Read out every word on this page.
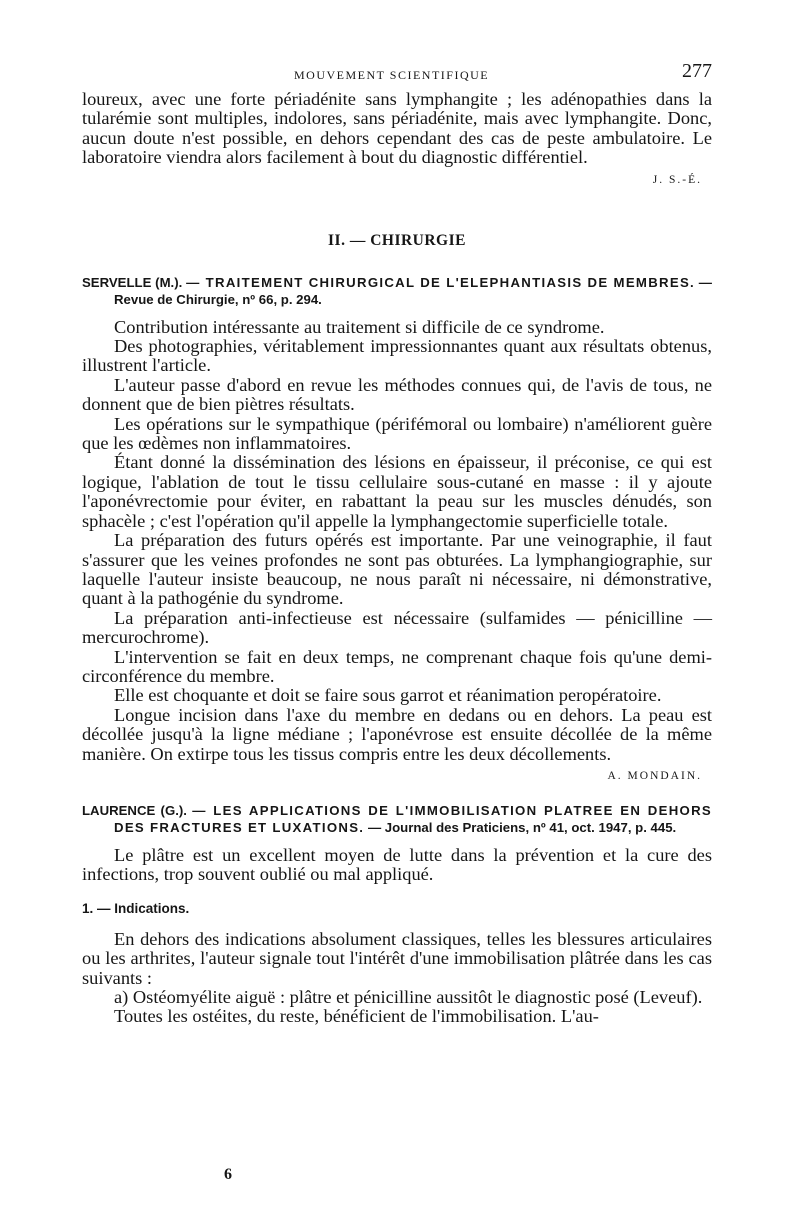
MOUVEMENT SCIENTIFIQUE	277

loureux, avec une forte périadénite sans lymphangite ; les adénopathies dans la tularémie sont multiples, indolores, sans périadénite, mais avec lymphangite. Donc, aucun doute n'est possible, en dehors cependant des cas de peste ambulatoire. Le laboratoire viendra alors facilement à bout du diagnostic différentiel.

J. S.-É.
II. — CHIRURGIE
SERVELLE (M.). — TRAITEMENT CHIRURGICAL DE L'ELEPHANTIASIS DE MEMBRES. — Revue de Chirurgie, nº 66, p. 294.

Contribution intéressante au traitement si difficile de ce syndrome.

Des photographies, véritablement impressionnantes quant aux résultats obtenus, illustrent l'article.

L'auteur passe d'abord en revue les méthodes connues qui, de l'avis de tous, ne donnent que de bien piètres résultats.

Les opérations sur le sympathique (périfémoral ou lombaire) n'améliorent guère que les œdèmes non inflammatoires.

Étant donné la dissémination des lésions en épaisseur, il préconise, ce qui est logique, l'ablation de tout le tissu cellulaire sous-cutané en masse : il y ajoute l'aponévrectomie pour éviter, en rabattant la peau sur les muscles dénudés, son sphacèle ; c'est l'opération qu'il appelle la lymphangectomie superficielle totale.

La préparation des futurs opérés est importante. Par une veinographie, il faut s'assurer que les veines profondes ne sont pas obturées. La lymphangiographie, sur laquelle l'auteur insiste beaucoup, ne nous paraît ni nécessaire, ni démonstrative, quant à la pathogénie du syndrome.

La préparation anti-infectieuse est nécessaire (sulfamides — pénicilline — mercurochrome).

L'intervention se fait en deux temps, ne comprenant chaque fois qu'une demi-circonférence du membre.

Elle est choquante et doit se faire sous garrot et réanimation peropératoire.

Longue incision dans l'axe du membre en dedans ou en dehors. La peau est décollée jusqu'à la ligne médiane ; l'aponévrose est ensuite décollée de la même manière. On extirpe tous les tissus compris entre les deux décollements.

A. MONDAIN.
LAURENCE (G.). — LES APPLICATIONS DE L'IMMOBILISATION PLATREE EN DEHORS DES FRACTURES ET LUXATIONS. — Journal des Praticiens, nº 41, oct. 1947, p. 445.

Le plâtre est un excellent moyen de lutte dans la prévention et la cure des infections, trop souvent oublié ou mal appliqué.

1. — Indications.

En dehors des indications absolument classiques, telles les blessures articulaires ou les arthrites, l'auteur signale tout l'intérêt d'une immobilisation plâtrée dans les cas suivants :

a) Ostéomyélite aiguë : plâtre et pénicilline aussitôt le diagnostic posé (Leveuf).

Toutes les ostéites, du reste, bénéficient de l'immobilisation. L'au-

6
